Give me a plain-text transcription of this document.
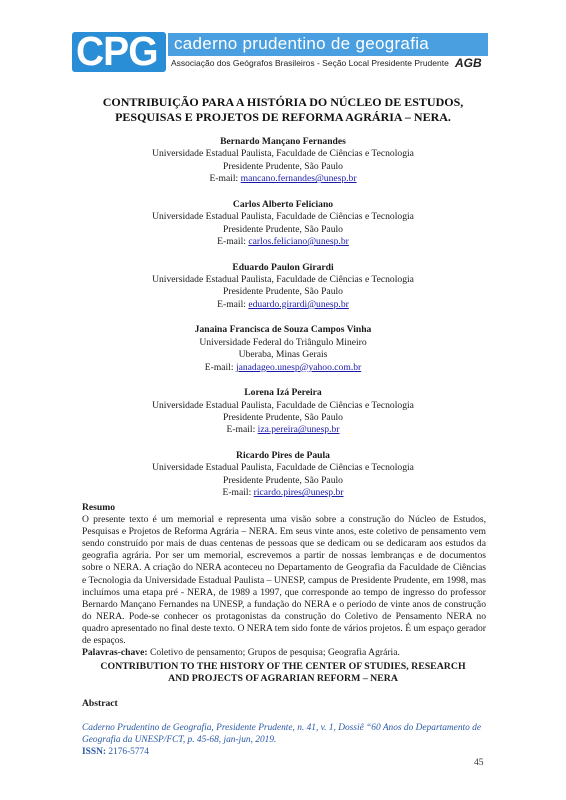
CPG caderno prudentino de geografia
Associação dos Geógrafos Brasileiros - Seção Local Presidente Prudente AGB
CONTRIBUIÇÃO PARA A HISTÓRIA DO NÚCLEO DE ESTUDOS,
PESQUISAS E PROJETOS DE REFORMA AGRÁRIA – NERA.
Bernardo Mançano Fernandes
Universidade Estadual Paulista, Faculdade de Ciências e Tecnologia
Presidente Prudente, São Paulo
E-mail: mancano.fernandes@unesp.br
Carlos Alberto Feliciano
Universidade Estadual Paulista, Faculdade de Ciências e Tecnologia
Presidente Prudente, São Paulo
E-mail: carlos.feliciano@unesp.br
Eduardo Paulon Girardi
Universidade Estadual Paulista, Faculdade de Ciências e Tecnologia
Presidente Prudente, São Paulo
E-mail: eduardo.girardi@unesp.br
Janaina Francisca de Souza Campos Vinha
Universidade Federal do Triângulo Mineiro
Uberaba, Minas Gerais
E-mail: janadageo.unesp@yahoo.com.br
Lorena Izá Pereira
Universidade Estadual Paulista, Faculdade de Ciências e Tecnologia
Presidente Prudente, São Paulo
E-mail: iza.pereira@unesp.br
Ricardo Pires de Paula
Universidade Estadual Paulista, Faculdade de Ciências e Tecnologia
Presidente Prudente, São Paulo
E-mail: ricardo.pires@unesp.br
Resumo
O presente texto é um memorial e representa uma visão sobre a construção do Núcleo de Estudos, Pesquisas e Projetos de Reforma Agrária – NERA. Em seus vinte anos, este coletivo de pensamento vem sendo construído por mais de duas centenas de pessoas que se dedicam ou se dedicaram aos estudos da geografia agrária. Por ser um memorial, escrevemos a partir de nossas lembranças e de documentos sobre o NERA. A criação do NERA aconteceu no Departamento de Geografia da Faculdade de Ciências e Tecnologia da Universidade Estadual Paulista – UNESP, campus de Presidente Prudente, em 1998, mas incluímos uma etapa pré - NERA, de 1989 a 1997, que corresponde ao tempo de ingresso do professor Bernardo Mançano Fernandes na UNESP, a fundação do NERA e o período de vinte anos de construção do NERA. Pode-se conhecer os protagonistas da construção do Coletivo de Pensamento NERA no quadro apresentado no final deste texto. O NERA tem sido fonte de vários projetos. É um espaço gerador de espaços.
Palavras-chave: Coletivo de pensamento; Grupos de pesquisa; Geografia Agrária.
CONTRIBUTION TO THE HISTORY OF THE CENTER OF STUDIES, RESEARCH
AND PROJECTS OF AGRARIAN REFORM – NERA
Abstract
Caderno Prudentino de Geografia, Presidente Prudente, n. 41, v. 1, Dossiê “60 Anos do Departamento de Geografia da UNESP/FCT, p. 45-68, jan-jun, 2019.
ISSN: 2176-5774
45
